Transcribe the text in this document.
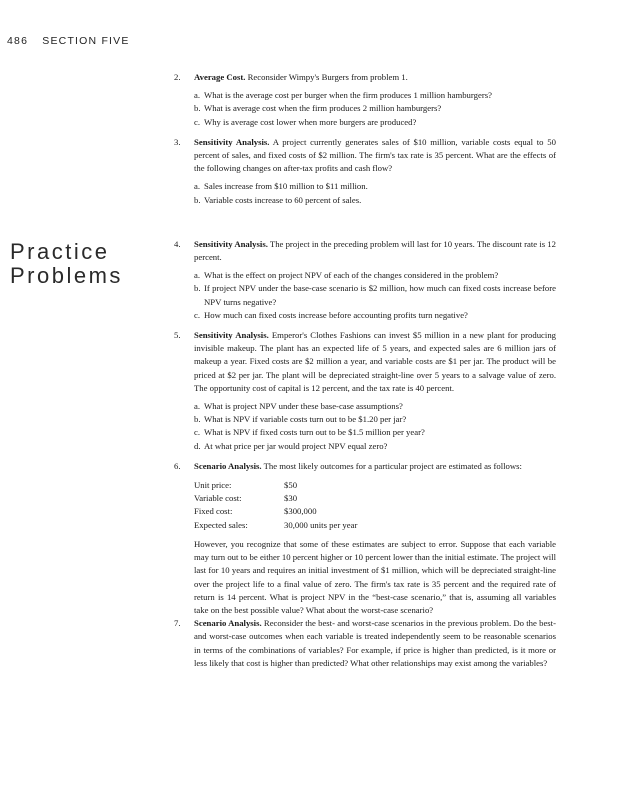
486 SECTION FIVE
Practice
Problems
2. Average Cost. Reconsider Wimpy's Burgers from problem 1.

a. What is the average cost per burger when the firm produces 1 million hamburgers?
b. What is average cost when the firm produces 2 million hamburgers?
c. Why is average cost lower when more burgers are produced?
3. Sensitivity Analysis. A project currently generates sales of $10 million, variable costs equal to 50 percent of sales, and fixed costs of $2 million. The firm's tax rate is 35 percent. What are the effects of the following changes on after-tax profits and cash flow?

a. Sales increase from $10 million to $11 million.
b. Variable costs increase to 60 percent of sales.
4. Sensitivity Analysis. The project in the preceding problem will last for 10 years. The discount rate is 12 percent.

a. What is the effect on project NPV of each of the changes considered in the problem?
b. If project NPV under the base-case scenario is $2 million, how much can fixed costs increase before NPV turns negative?
c. How much can fixed costs increase before accounting profits turn negative?
5. Sensitivity Analysis. Emperor's Clothes Fashions can invest $5 million in a new plant for producing invisible makeup. The plant has an expected life of 5 years, and expected sales are 6 million jars of makeup a year. Fixed costs are $2 million a year, and variable costs are $1 per jar. The product will be priced at $2 per jar. The plant will be depreciated straight-line over 5 years to a salvage value of zero. The opportunity cost of capital is 12 percent, and the tax rate is 40 percent.

a. What is project NPV under these base-case assumptions?
b. What is NPV if variable costs turn out to be $1.20 per jar?
c. What is NPV if fixed costs turn out to be $1.5 million per year?
d. At what price per jar would project NPV equal zero?
6. Scenario Analysis. The most likely outcomes for a particular project are estimated as follows:

Unit price:	$50
Variable cost:	$30
Fixed cost:	$300,000
Expected sales:	30,000 units per year

However, you recognize that some of these estimates are subject to error. Suppose that each variable may turn out to be either 10 percent higher or 10 percent lower than the initial estimate. The project will last for 10 years and requires an initial investment of $1 million, which will be depreciated straight-line over the project life to a final value of zero. The firm's tax rate is 35 percent and the required rate of return is 14 percent. What is project NPV in the “best-case scenario,” that is, assuming all variables take on the best possible value? What about the worst-case scenario?

7. Scenario Analysis. Reconsider the best- and worst-case scenarios in the previous problem. Do the best- and worst-case outcomes when each variable is treated independently seem to be reasonable scenarios in terms of the combinations of variables? For example, if price is higher than predicted, is it more or less likely that cost is higher than predicted? What other relationships may exist among the variables?
